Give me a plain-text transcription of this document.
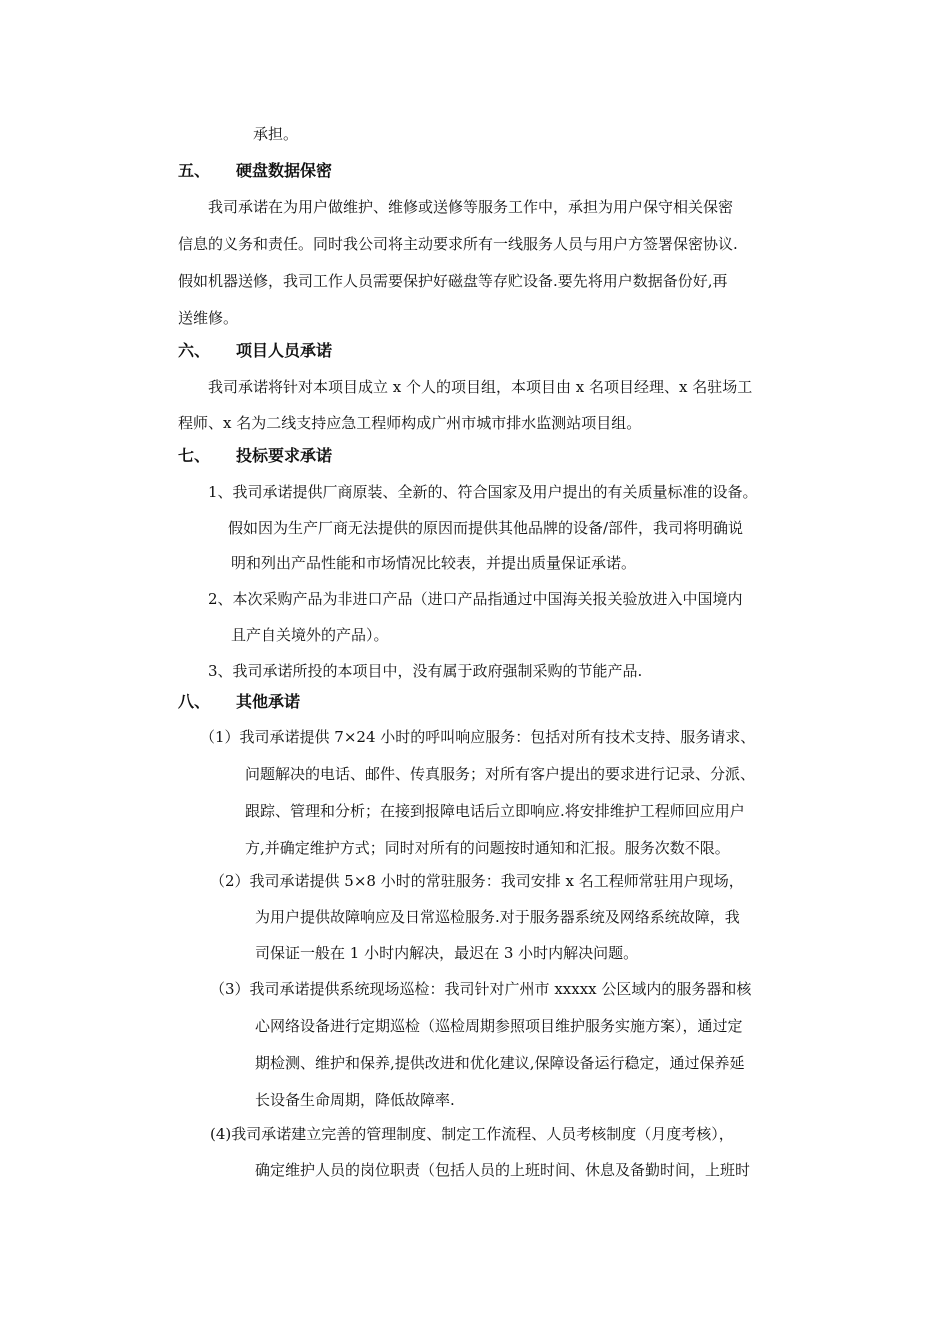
承担。
五、 硬盘数据保密
我司承诺在为用户做维护、维修或送修等服务工作中，承担为用户保守相关保密
信息的义务和责任。同时我公司将主动要求所有一线服务人员与用户方签署保密协议.
假如机器送修，我司工作人员需要保护好磁盘等存贮设备.要先将用户数据备份好,再
送维修。
六、 项目人员承诺
我司承诺将针对本项目成立 x 个人的项目组，本项目由 x 名项目经理、x 名驻场工
程师、x 名为二线支持应急工程师构成广州市城市排水监测站项目组。
七、 投标要求承诺
1、我司承诺提供厂商原装、全新的、符合国家及用户提出的有关质量标准的设备。
假如因为生产厂商无法提供的原因而提供其他品牌的设备/部件，我司将明确说
明和列出产品性能和市场情况比较表，并提出质量保证承诺。
2、本次采购产品为非进口产品（进口产品指通过中国海关报关验放进入中国境内
且产自关境外的产品）。
3、我司承诺所投的本项目中，没有属于政府强制采购的节能产品.
八、 其他承诺
（1）我司承诺提供 7×24 小时的呼叫响应服务：包括对所有技术支持、服务请求、
问题解决的电话、邮件、传真服务；对所有客户提出的要求进行记录、分派、
跟踪、管理和分析；在接到报障电话后立即响应.将安排维护工程师回应用户
方,并确定维护方式；同时对所有的问题按时通知和汇报。服务次数不限。
（2）我司承诺提供 5×8 小时的常驻服务：我司安排 x 名工程师常驻用户现场，
为用户提供故障响应及日常巡检服务.对于服务器系统及网络系统故障，我
司保证一般在 1 小时内解决，最迟在 3 小时内解决问题。
（3）我司承诺提供系统现场巡检：我司针对广州市 xxxxx 公区域内的服务器和核
心网络设备进行定期巡检（巡检周期参照项目维护服务实施方案），通过定
期检测、维护和保养,提供改进和优化建议,保障设备运行稳定，通过保养延
长设备生命周期，降低故障率.
(4)我司承诺建立完善的管理制度、制定工作流程、人员考核制度（月度考核），
确定维护人员的岗位职责（包括人员的上班时间、休息及备勤时间，上班时
